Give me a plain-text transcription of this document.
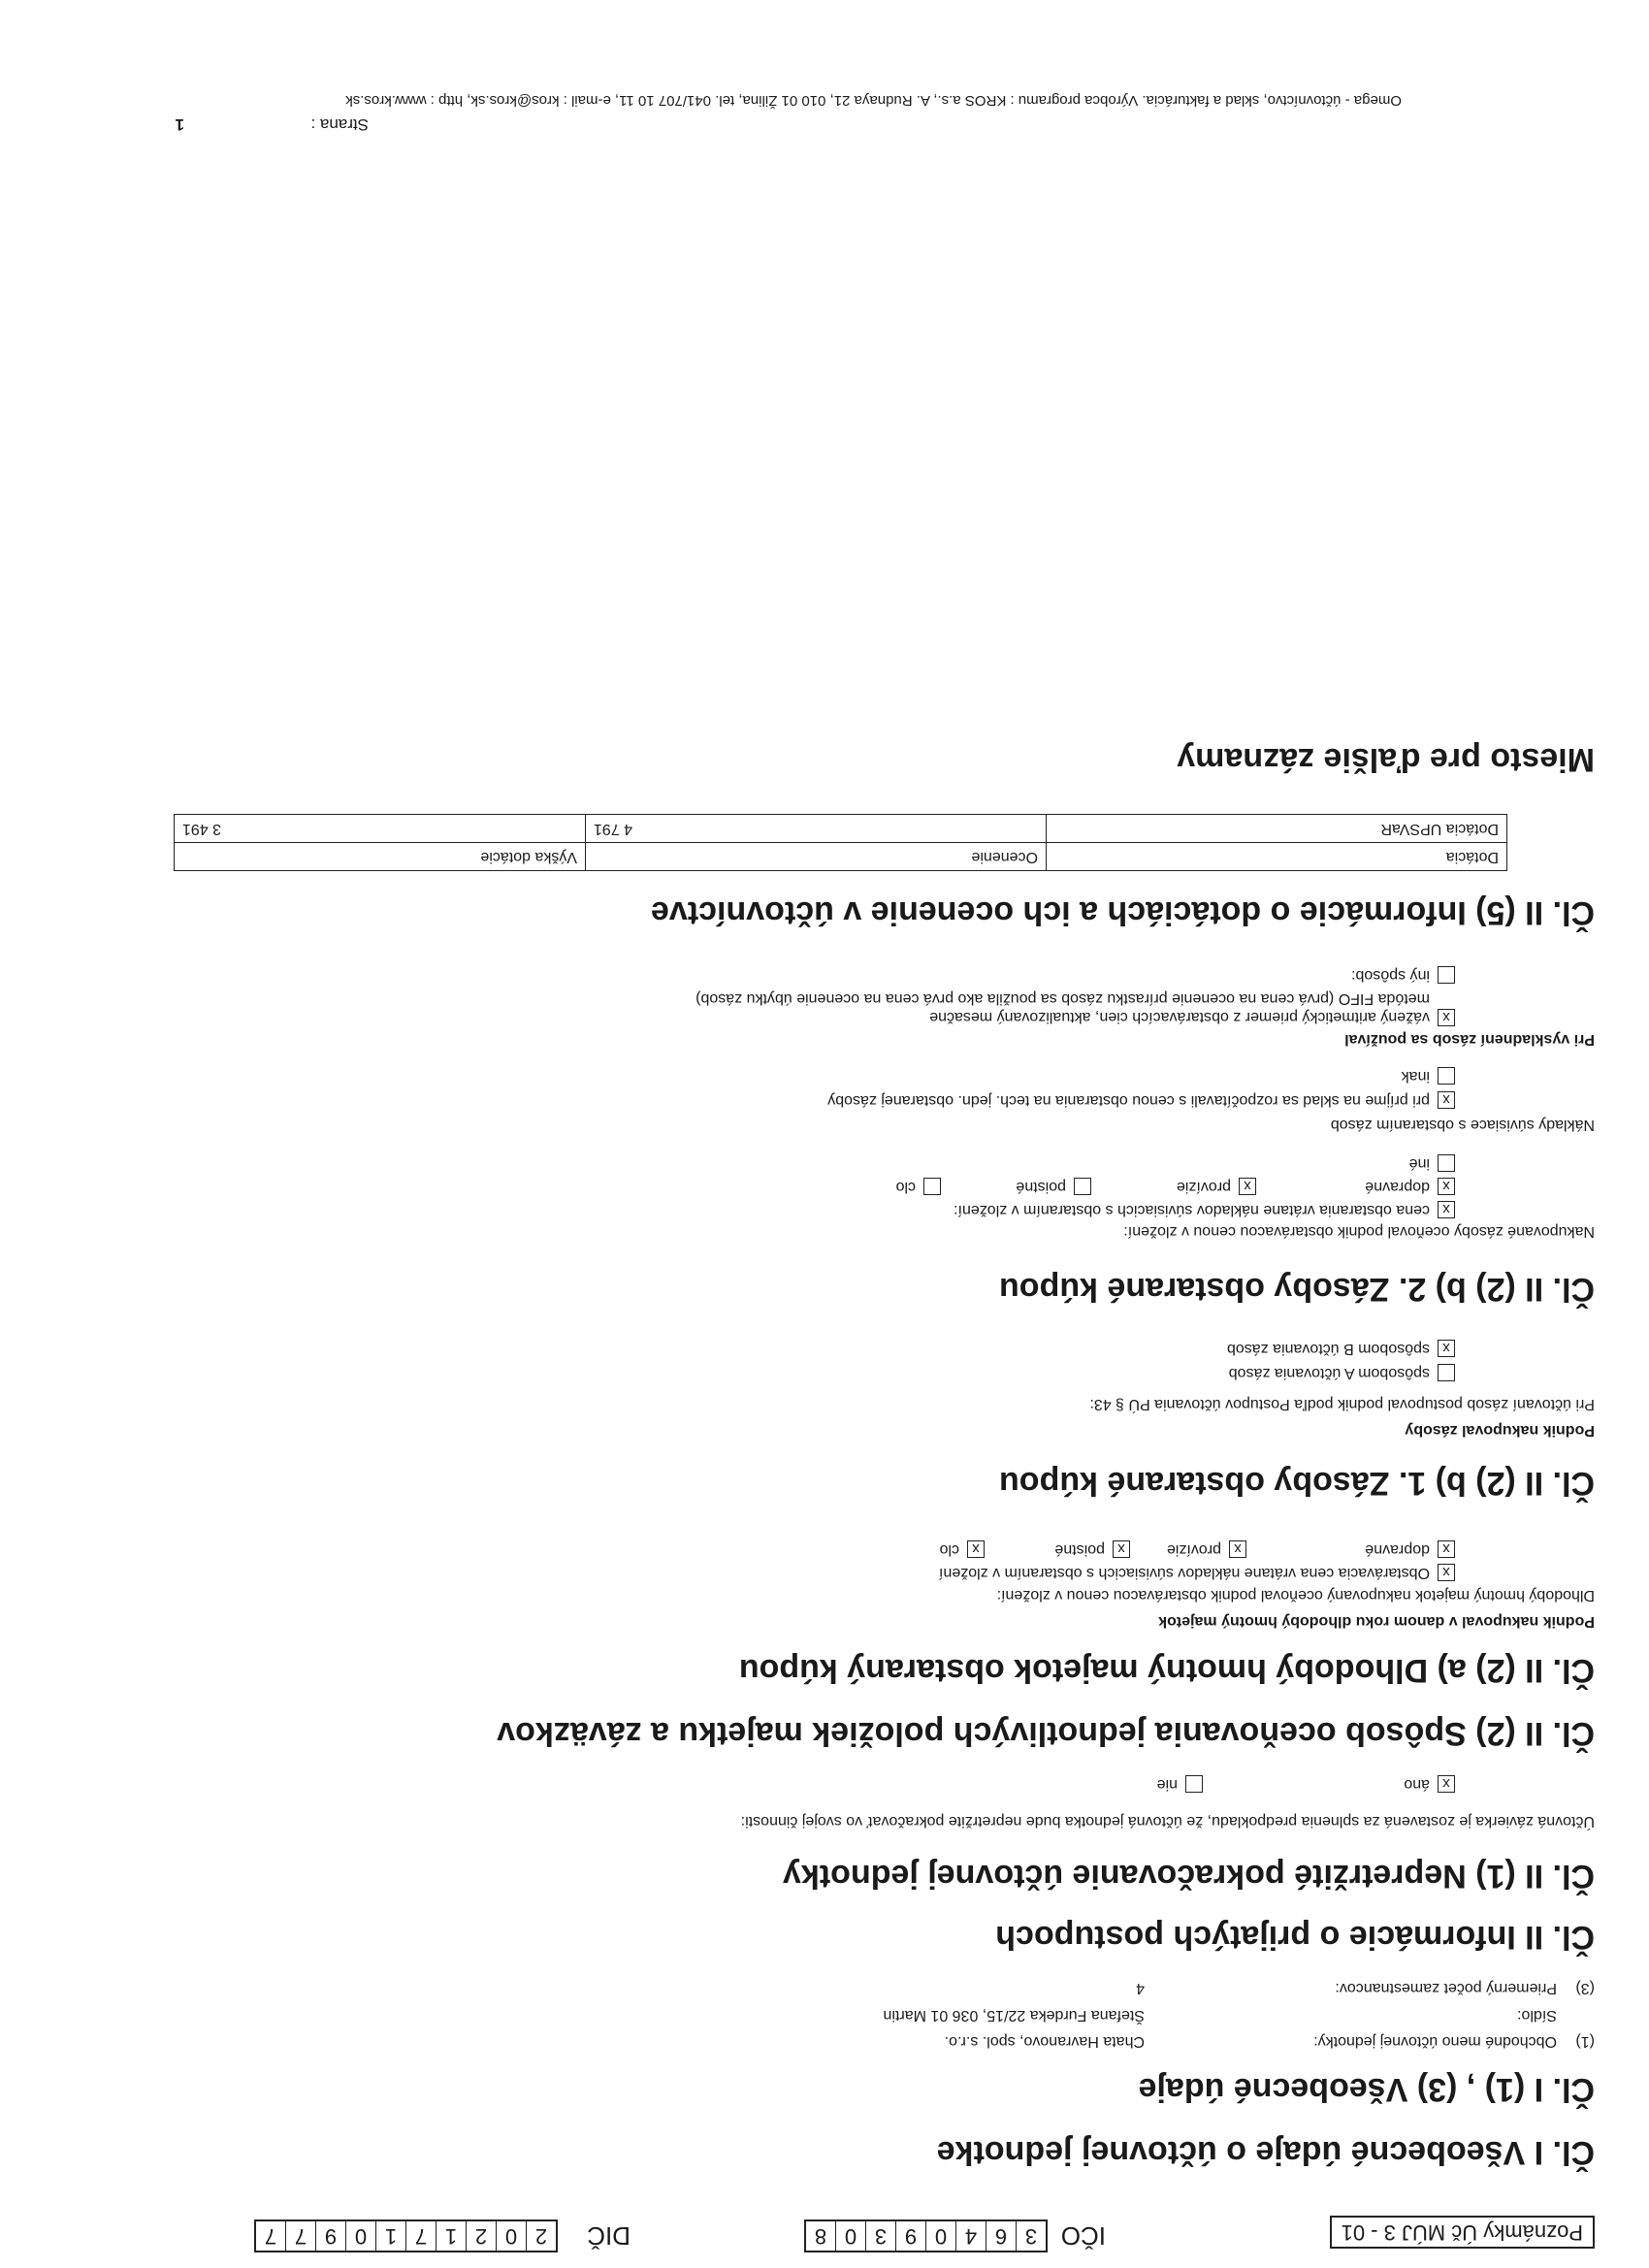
Poznámky Úč MÚJ 3 - 01
IČO
3
6
4
0
9
3
0
8
DIČ
2
0
2
1
7
1
0
9
7
7
Čl. I Všeobecné údaje o účtovnej jednotke
Čl. I (1) , (3) Všeobecné údaje
(1)
Obchodné meno účtovnej jednotky:
Chata Havranovo, spol. s.r.o.
Sídlo:
Štefana Furdeka 22/15, 036 01 Martin
(3)
Priemerný počet zamestnancov:
4
Čl. II Informácie o prijatých postupoch
Čl. II (1) Nepretržité pokračovanie účtovnej jednotky
Účtovná závierka je zostavená za splnenia predpokladu, že účtovná jednotka bude nepretržite pokračovať vo svojej činnosti:
x
áno
nie
Čl. II (2) Spôsob oceňovania jednotlivých položiek majetku a záväzkov
Čl. II (2) a) Dlhodobý hmotný majetok obstaraný kúpou
Podnik nakupoval v danom roku dlhodobý hmotný majetok
Dlhodobý hmotný majetok nakupovaný oceňoval podnik obstarávacou cenou v zložení:
x
Obstarávacia cena vrátane nákladov súvisiacich s obstaraním v zložení
x
dopravné
x
provízie
x
poistné
x
clo
Čl. II (2) b) 1. Zásoby obstarané kúpou
Podnik nakupoval zásoby
Pri účtovaní zásob postupoval podnik podľa Postupov účtovania PÚ § 43:
spôsobom A účtovania zásob
x
spôsobom B účtovania zásob
Čl. II (2) b) 2. Zásoby obstarané kúpou
Nakupované zásoby oceňoval podnik obstarávacou cenou v zložení:
x
cena obstarania vrátane nákladov súvisiacich s obstaraním v zložení:
x
dopravné
x
provízie
poistné
clo
iné
Náklady súvisiace s obstaraním zásob
x
pri príjme na sklad sa rozpočítavali s cenou obstarania na tech. jedn. obstaranej zásoby
inak
Pri vyskladnení zásob sa používal
x
vážený aritmetický priemer z obstarávacích cien, aktualizovaný mesačne
metóda FIFO (prvá cena na ocenenie prírastku zásob sa použila ako prvá cena na ocenenie úbytku zásob)
iný spôsob:
Čl. II (5) Informácie o dotáciách a ich ocenenie v účtovníctve
Dotácia	Ocenenie	Výška dotácie
Dotácia UPSVaR	4 791	3 491
Miesto pre ďalšie záznamy
Strana :
1
Omega - účtovníctvo, sklad a fakturácia. Výrobca programu : KROS a.s., A. Rudnaya 21, 010 01 Žilina, tel. 041/707 10 11, e-mail : kros@kros.sk, http : www.kros.sk
